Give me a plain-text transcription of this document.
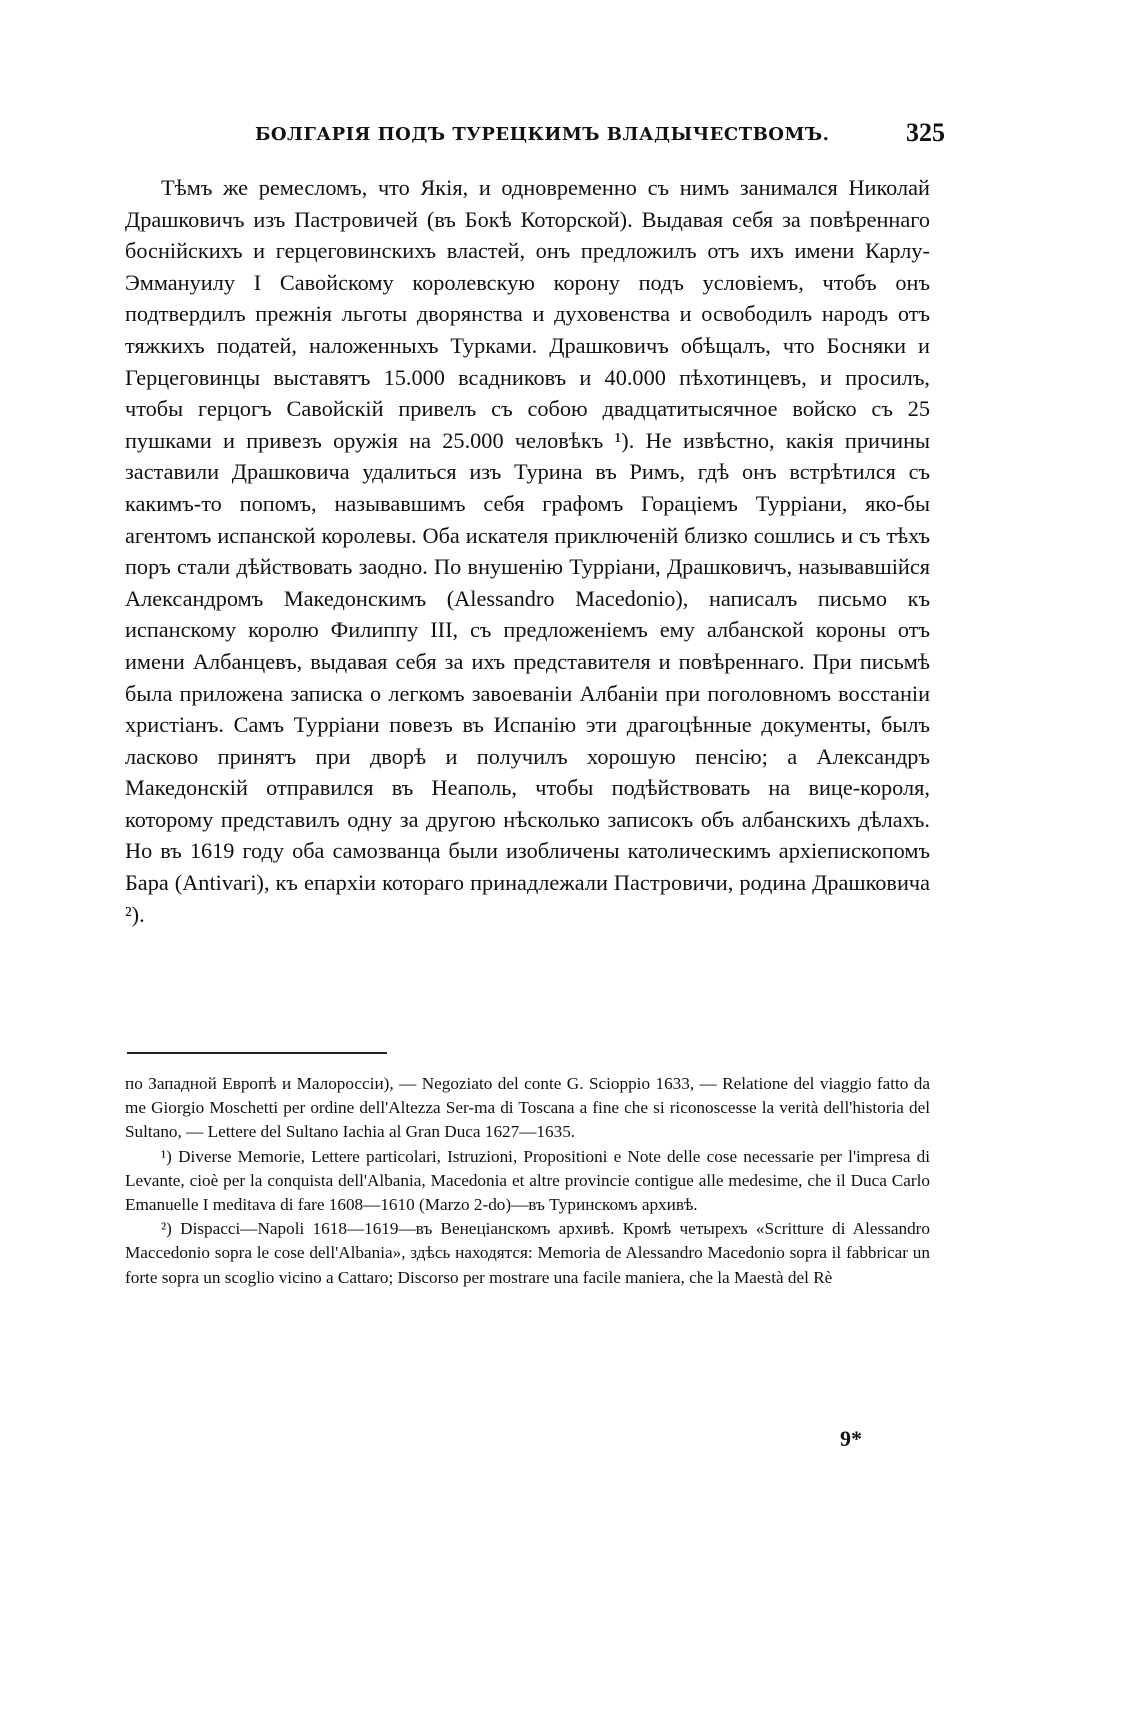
БОЛГАРІЯ ПОДЪ ТУРЕЦКИМЪ ВЛАДЫЧЕСТВОМЪ.	325

Тѣмъ же ремесломъ, что Якія, и одновременно съ нимъ занимался Николай Драшковичъ изъ Пастровичей (въ Бокѣ Которской). Выдавая себя за повѣреннаго боснійскихъ и герцеговинскихъ властей, онъ предложилъ отъ ихъ имени Карлу-Эммануилу I Савойскому королевскую корону подъ условіемъ, чтобъ онъ подтвердилъ прежнія льготы дворянства и духовенства и освободилъ народъ отъ тяжкихъ податей, наложенныхъ Турками. Драшковичъ обѣщалъ, что Босняки и Герцеговинцы выставятъ 15.000 всадниковъ и 40.000 пѣхотинцевъ, и просилъ, чтобы герцогъ Савойскій привелъ съ собою двадцатитысячное войско съ 25 пушками и привезъ оружія на 25.000 человѣкъ ¹). Не извѣстно, какія причины заставили Драшковича удалиться изъ Турина въ Римъ, гдѣ онъ встрѣтился съ какимъ-то попомъ, называвшимъ себя графомъ Гораціемъ Турріани, яко-бы агентомъ испанской королевы. Оба искателя приключеній близко сошлись и съ тѣхъ поръ стали дѣйствовать заодно. По внушенію Турріани, Драшковичъ, называвшійся Александромъ Македонскимъ (Alessandro Macedonio), написалъ письмо къ испанскому королю Филиппу III, съ предложеніемъ ему албанской короны отъ имени Албанцевъ, выдавая себя за ихъ представителя и повѣреннаго. При письмѣ была приложена записка о легкомъ завоеваніи Албаніи при поголовномъ восстаніи христіанъ. Самъ Турріани повезъ въ Испанію эти драгоцѣнные документы, былъ ласково принятъ при дворѣ и получилъ хорошую пенсію; а Александръ Македонскій отправился въ Неаполь, чтобы подѣйствовать на вице-короля, которому представилъ одну за другою нѣсколько записокъ объ албанскихъ дѣлахъ. Но въ 1619 году оба самозванца были изобличены католическимъ архіепископомъ Бара (Antivari), къ епархіи котораго принадлежали Пастровичи, родина Драшковича ²).

по Западной Европѣ и Малороссіи), — Negoziato del conte G. Scioppio 1633, — Relatione del viaggio fatto da me Giorgio Moschetti per ordine dell'Altezza Ser-ma di Toscana a fine che si riconoscesse la verità dell'historia del Sultano, — Lettere del Sultano Iachia al Gran Duca 1627—1635.

¹) Diverse Memorie, Lettere particolari, Istruzioni, Propositioni e Note delle cose necessarie per l'impresa di Levante, cioè per la conquista dell'Albania, Macedonia et altre provincie contigue alle medesime, che il Duca Carlo Emanuelle I meditava di fare 1608—1610 (Marzo 2-do)—въ Туринскомъ архивѣ.

²) Dispacci—Napoli 1618—1619—въ Венеціанскомъ архивѣ. Кромѣ четырехъ «Scritture di Alessandro Maccedonio sopra le cose dell'Albania», здѣсь находятся: Memoria de Alessandro Macedonio sopra il fabbricar un forte sopra un scoglio vicino a Cattaro; Discorso per mostrare una facile maniera, che la Maestà del Rè

9*
